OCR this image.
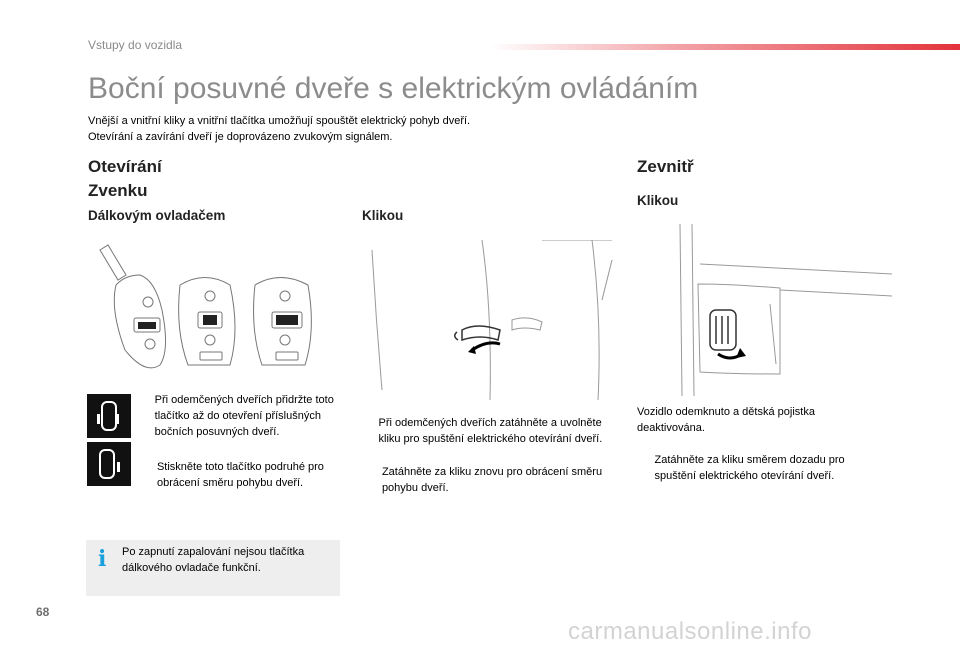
Vstupy do vozidla
Boční posuvné dveře s elektrickým ovládáním
Vnější a vnitřní kliky a vnitřní tlačítka umožňují spouštět elektrický pohyb dveří.
Otevírání a zavírání dveří je doprovázeno zvukovým signálem.
Otevírání
Zvenku
Dálkovým ovladačem
Při odemčených dveřích přidržte toto tlačítko až do otevření příslušných bočních posuvných dveří.
Stiskněte toto tlačítko podruhé pro obrácení směru pohybu dveří.
i Po zapnutí zapalování nejsou tlačítka dálkového ovladače funkční.
Klikou
Při odemčených dveřích zatáhněte a uvolněte kliku pro spuštění elektrického otevírání dveří.
Zatáhněte za kliku znovu pro obrácení směru pohybu dveří.
Zevnitř
Klikou
Vozidlo odemknuto a dětská pojistka deaktivována.
Zatáhněte za kliku směrem dozadu pro spuštění elektrického otevírání dveří.
68
carmanualsonline.info
